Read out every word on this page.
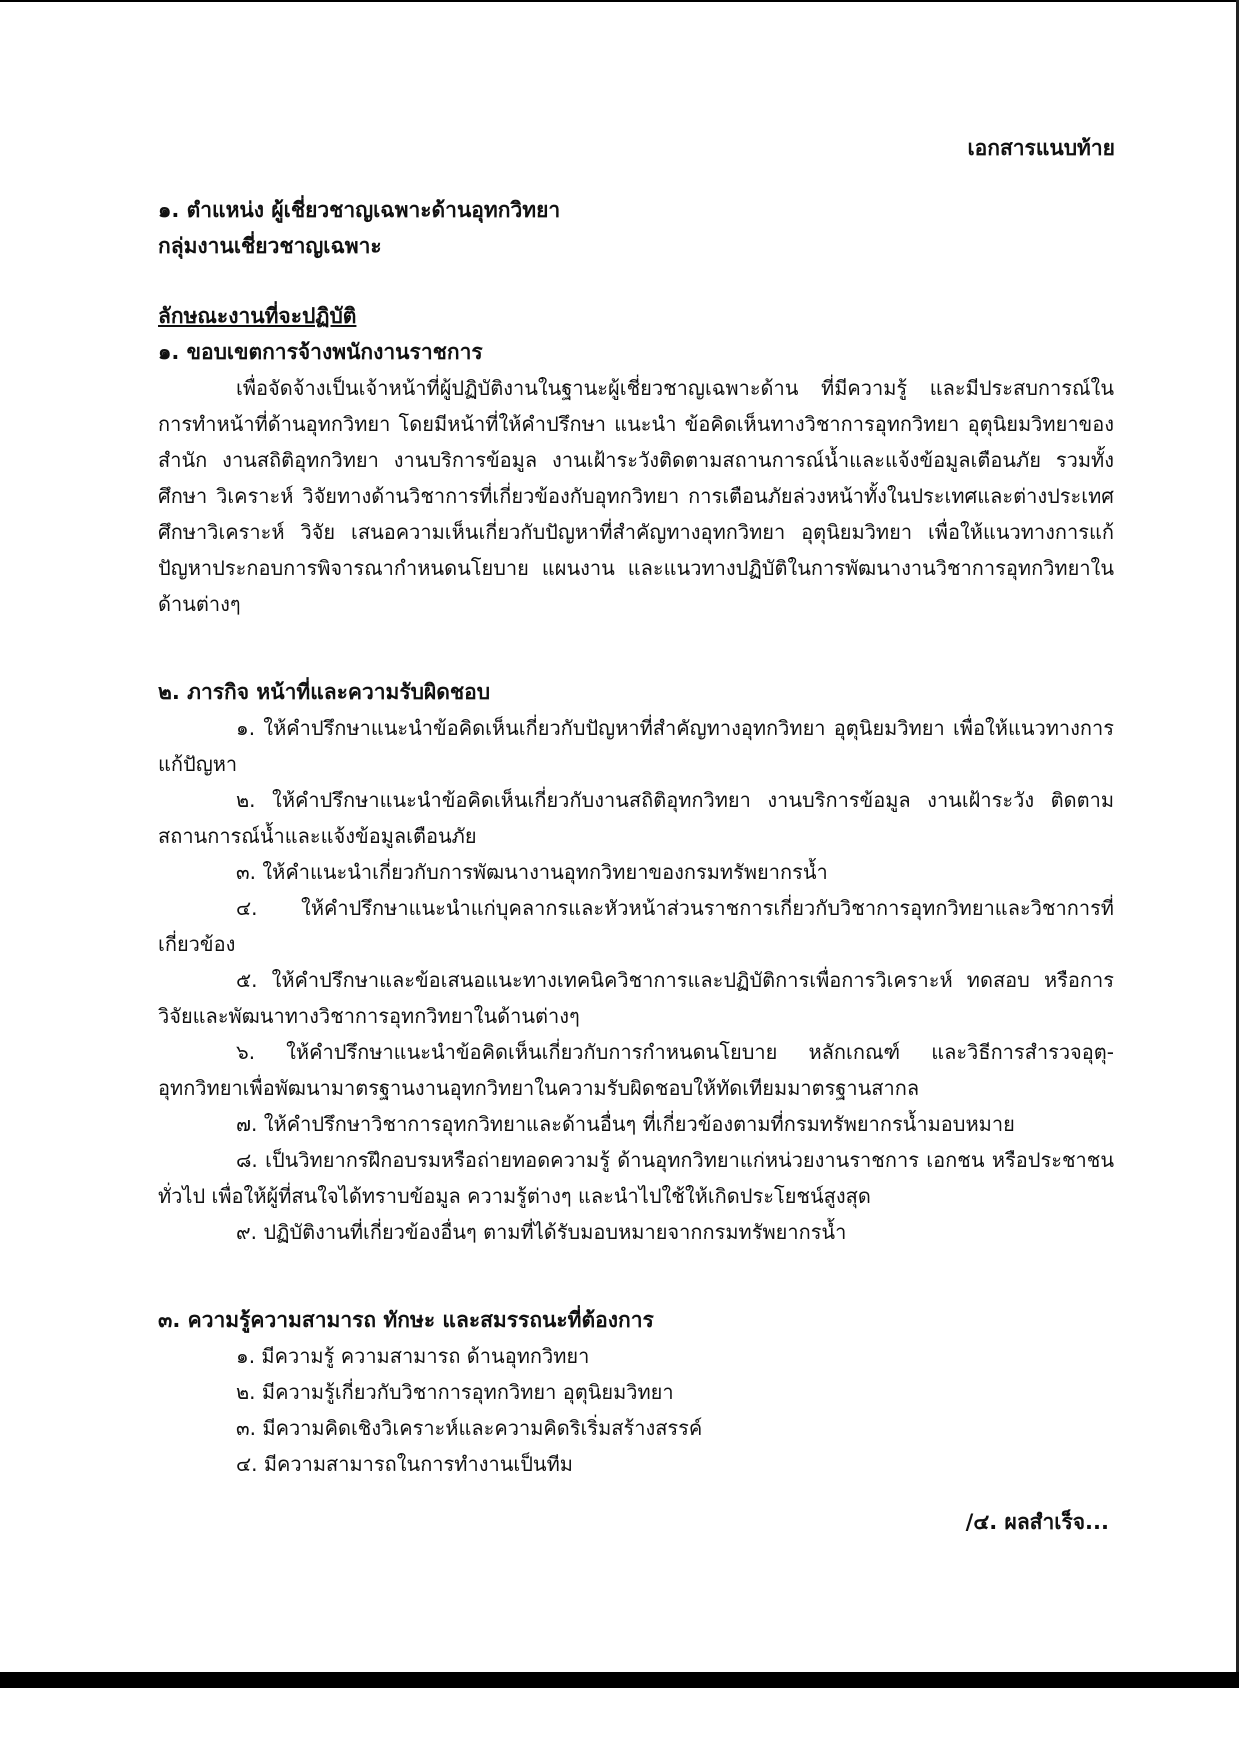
เอกสารแนบท้าย

๑. ตำแหน่ง ผู้เชี่ยวชาญเฉพาะด้านอุทกวิทยา

กลุ่มงานเชี่ยวชาญเฉพาะ

ลักษณะงานที่จะปฏิบัติ

๑. ขอบเขตการจ้างพนักงานราชการ

เพื่อจัดจ้างเป็นเจ้าหน้าที่ผู้ปฏิบัติงานในฐานะผู้เชี่ยวชาญเฉพาะด้าน ที่มีความรู้ และมีประสบการณ์ในการทำหน้าที่ด้านอุทกวิทยา โดยมีหน้าที่ให้คำปรึกษา แนะนำ ข้อคิดเห็นทางวิชาการอุทกวิทยา อุตุนิยมวิทยาของสำนัก งานสถิติอุทกวิทยา งานบริการข้อมูล งานเฝ้าระวังติดตามสถานการณ์น้ำและแจ้งข้อมูลเตือนภัย รวมทั้งศึกษา วิเคราะห์ วิจัยทางด้านวิชาการที่เกี่ยวข้องกับอุทกวิทยา การเตือนภัยล่วงหน้าทั้งในประเทศและต่างประเทศ ศึกษาวิเคราะห์ วิจัย เสนอความเห็นเกี่ยวกับปัญหาที่สำคัญทางอุทกวิทยา อุตุนิยมวิทยา เพื่อให้แนวทางการแก้ปัญหาประกอบการพิจารณากำหนดนโยบาย แผนงาน และแนวทางปฏิบัติในการพัฒนางานวิชาการอุทกวิทยาในด้านต่างๆ

๒. ภารกิจ หน้าที่และความรับผิดชอบ

๑. ให้คำปรึกษาแนะนำข้อคิดเห็นเกี่ยวกับปัญหาที่สำคัญทางอุทกวิทยา อุตุนิยมวิทยา เพื่อให้แนวทางการแก้ปัญหา

๒. ให้คำปรึกษาแนะนำข้อคิดเห็นเกี่ยวกับงานสถิติอุทกวิทยา งานบริการข้อมูล งานเฝ้าระวัง ติดตามสถานการณ์น้ำและแจ้งข้อมูลเตือนภัย

๓. ให้คำแนะนำเกี่ยวกับการพัฒนางานอุทกวิทยาของกรมทรัพยากรน้ำ

๔. ให้คำปรึกษาแนะนำแก่บุคลากรและหัวหน้าส่วนราชการเกี่ยวกับวิชาการอุทกวิทยาและวิชาการที่เกี่ยวข้อง

๕. ให้คำปรึกษาและข้อเสนอแนะทางเทคนิควิชาการและปฏิบัติการเพื่อการวิเคราะห์ ทดสอบ หรือการวิจัยและพัฒนาทางวิชาการอุทกวิทยาในด้านต่างๆ

๖. ให้คำปรึกษาแนะนำข้อคิดเห็นเกี่ยวกับการกำหนดนโยบาย หลักเกณฑ์ และวิธีการสำรวจอุตุ-อุทกวิทยาเพื่อพัฒนามาตรฐานงานอุทกวิทยาในความรับผิดชอบให้ทัดเทียมมาตรฐานสากล

๗. ให้คำปรึกษาวิชาการอุทกวิทยาและด้านอื่นๆ ที่เกี่ยวข้องตามที่กรมทรัพยากรน้ำมอบหมาย

๘. เป็นวิทยากรฝึกอบรมหรือถ่ายทอดความรู้ ด้านอุทกวิทยาแก่หน่วยงานราชการ เอกชน หรือประชาชนทั่วไป เพื่อให้ผู้ที่สนใจได้ทราบข้อมูล ความรู้ต่างๆ และนำไปใช้ให้เกิดประโยชน์สูงสุด

๙. ปฏิบัติงานที่เกี่ยวข้องอื่นๆ ตามที่ได้รับมอบหมายจากกรมทรัพยากรน้ำ

๓. ความรู้ความสามารถ ทักษะ และสมรรถนะที่ต้องการ

๑. มีความรู้ ความสามารถ ด้านอุทกวิทยา

๒. มีความรู้เกี่ยวกับวิชาการอุทกวิทยา อุตุนิยมวิทยา

๓. มีความคิดเชิงวิเคราะห์และความคิดริเริ่มสร้างสรรค์

๔. มีความสามารถในการทำงานเป็นทีม

/๔. ผลสำเร็จ...
